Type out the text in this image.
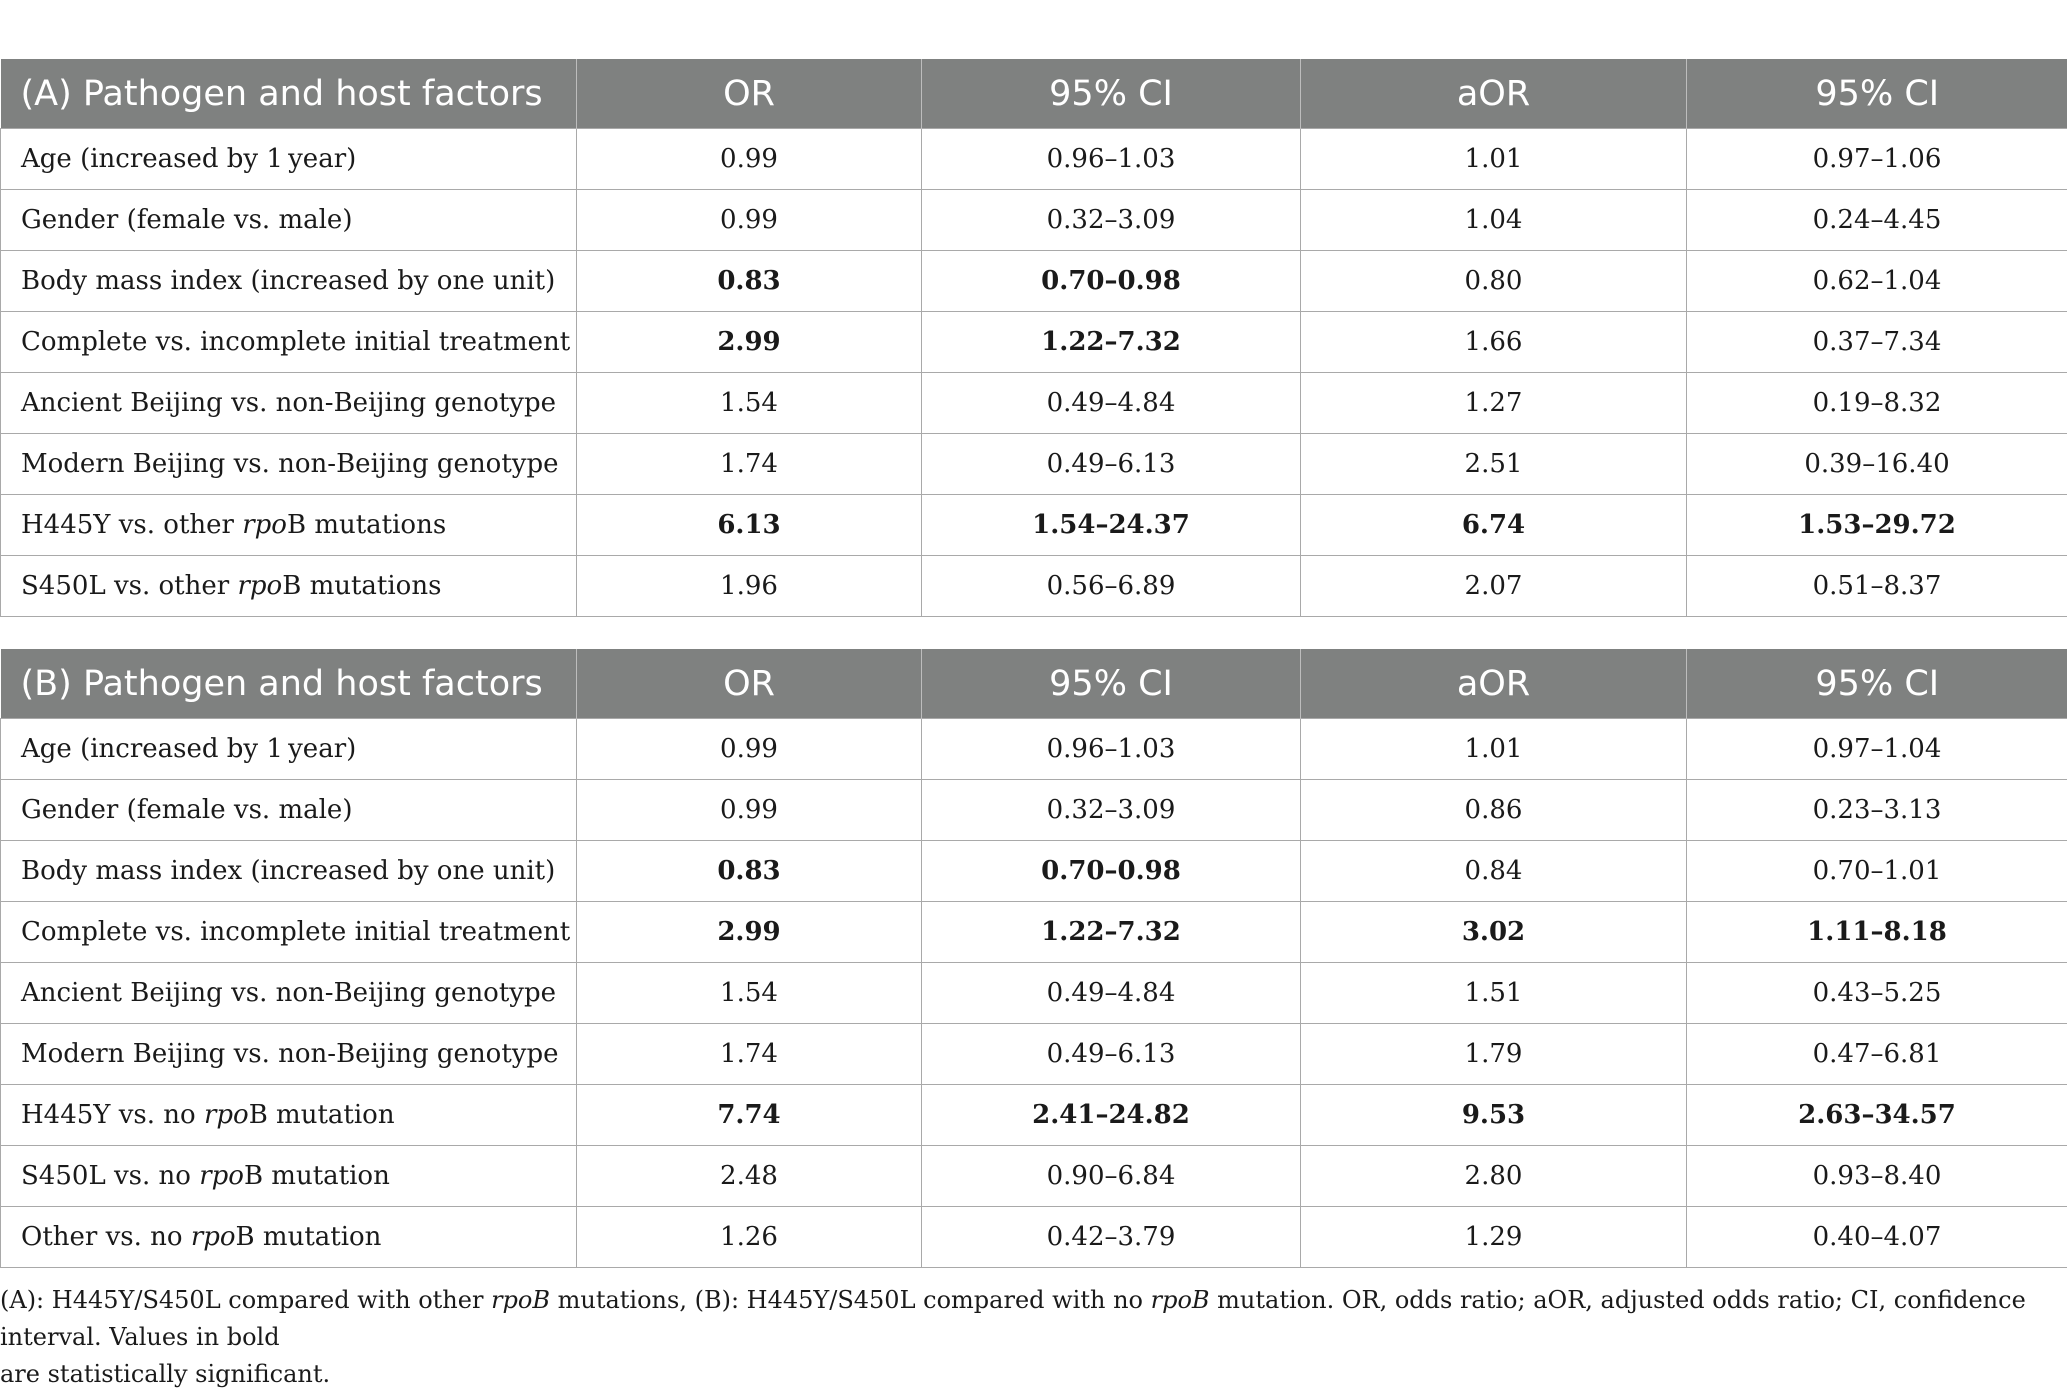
(A) Pathogen and host factors	OR	95% CI	aOR	95% CI
Age (increased by 1 year)	0.99	0.96–1.03	1.01	0.97–1.06
Gender (female vs. male)	0.99	0.32–3.09	1.04	0.24–4.45
Body mass index (increased by one unit)	0.83	0.70–0.98	0.80	0.62–1.04
Complete vs. incomplete initial treatment	2.99	1.22–7.32	1.66	0.37–7.34
Ancient Beijing vs. non-Beijing genotype	1.54	0.49–4.84	1.27	0.19–8.32
Modern Beijing vs. non-Beijing genotype	1.74	0.49–6.13	2.51	0.39–16.40
H445Y vs. other rpoB mutations	6.13	1.54–24.37	6.74	1.53–29.72
S450L vs. other rpoB mutations	1.96	0.56–6.89	2.07	0.51–8.37
(B) Pathogen and host factors	OR	95% CI	aOR	95% CI
Age (increased by 1 year)	0.99	0.96–1.03	1.01	0.97–1.04
Gender (female vs. male)	0.99	0.32–3.09	0.86	0.23–3.13
Body mass index (increased by one unit)	0.83	0.70–0.98	0.84	0.70–1.01
Complete vs. incomplete initial treatment	2.99	1.22–7.32	3.02	1.11–8.18
Ancient Beijing vs. non-Beijing genotype	1.54	0.49–4.84	1.51	0.43–5.25
Modern Beijing vs. non-Beijing genotype	1.74	0.49–6.13	1.79	0.47–6.81
H445Y vs. no rpoB mutation	7.74	2.41–24.82	9.53	2.63–34.57
S450L vs. no rpoB mutation	2.48	0.90–6.84	2.80	0.93–8.40
Other vs. no rpoB mutation	1.26	0.42–3.79	1.29	0.40–4.07

(A): H445Y/S450L compared with other rpoB mutations, (B): H445Y/S450L compared with no rpoB mutation. OR, odds ratio; aOR, adjusted odds ratio; CI, confidence interval. Values in bold

are statistically significant.
